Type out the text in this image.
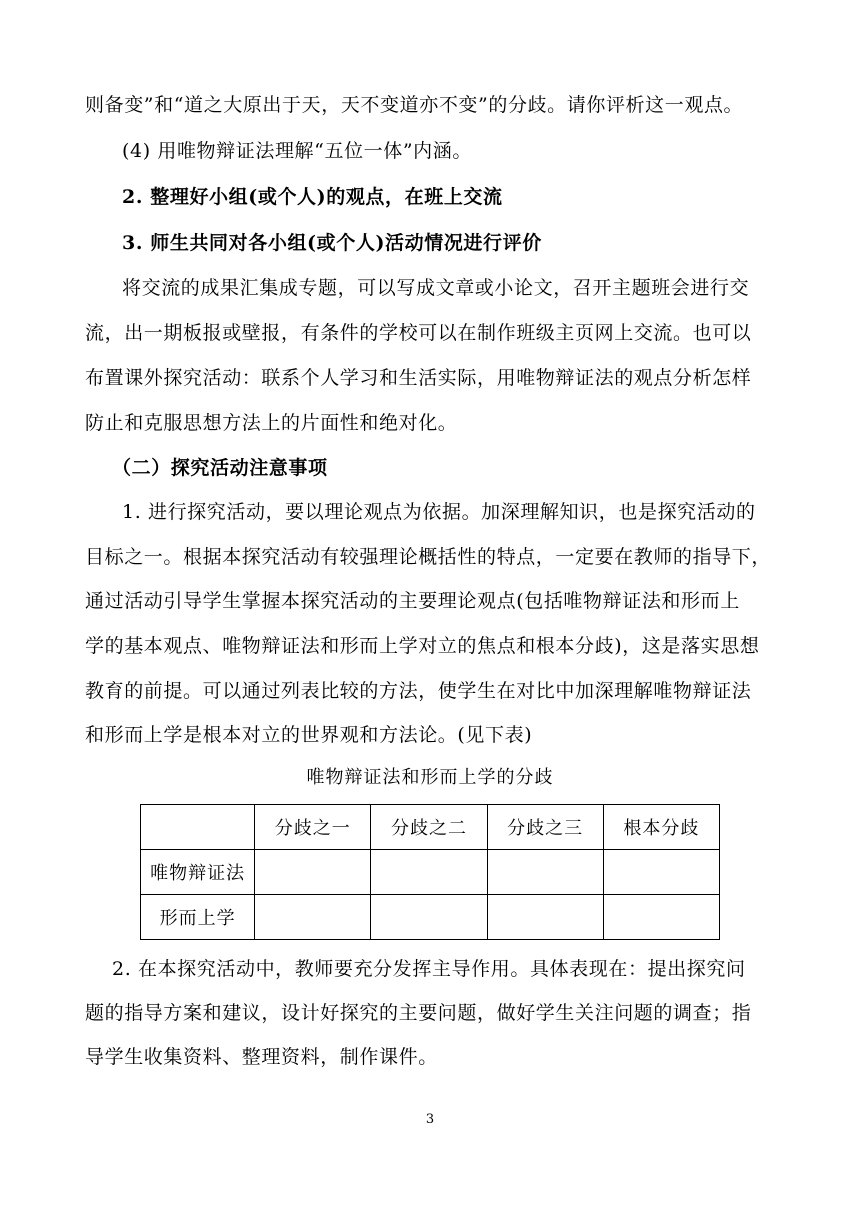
则备变”和“道之大原出于天，天不变道亦不变”的分歧。请你评析这一观点。
(4) 用唯物辩证法理解“五位一体”内涵。
2. 整理好小组(或个人)的观点，在班上交流
3. 师生共同对各小组(或个人)活动情况进行评价
将交流的成果汇集成专题，可以写成文章或小论文，召开主题班会进行交
流，出一期板报或壁报，有条件的学校可以在制作班级主页网上交流。也可以
布置课外探究活动：联系个人学习和生活实际，用唯物辩证法的观点分析怎样
防止和克服思想方法上的片面性和绝对化。
（二）探究活动注意事项
1. 进行探究活动，要以理论观点为依据。加深理解知识，也是探究活动的
目标之一。根据本探究活动有较强理论概括性的特点，一定要在教师的指导下，
通过活动引导学生掌握本探究活动的主要理论观点(包括唯物辩证法和形而上
学的基本观点、唯物辩证法和形而上学对立的焦点和根本分歧)，这是落实思想
教育的前提。可以通过列表比较的方法，使学生在对比中加深理解唯物辩证法
和形而上学是根本对立的世界观和方法论。(见下表)
唯物辩证法和形而上学的分歧
	分歧之一	分歧之二	分歧之三	根本分歧
唯物辩证法				
形而上学				
2. 在本探究活动中，教师要充分发挥主导作用。具体表现在：提出探究问
题的指导方案和建议，设计好探究的主要问题，做好学生关注问题的调查；指
导学生收集资料、整理资料，制作课件。
3
